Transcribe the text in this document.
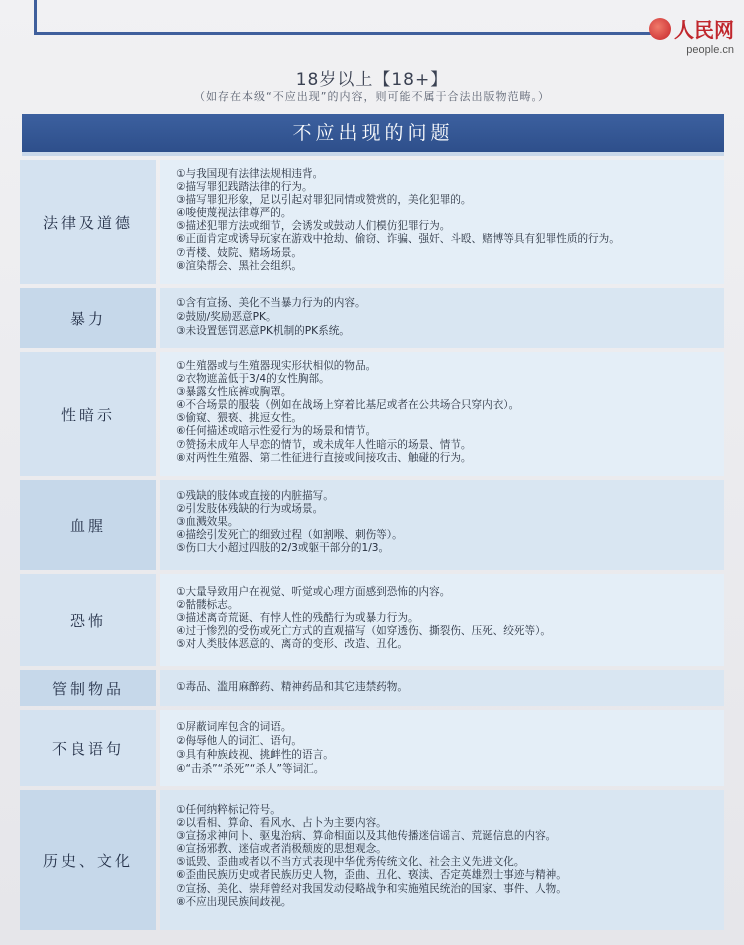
人民网
people.cn
18岁以上【18+】
（如存在本级“不应出现”的内容，则可能不属于合法出版物范畴。）
不应出现的问题
法律及道德
①与我国现有法律法规相违背。
②描写罪犯践踏法律的行为。
③描写罪犯形象，足以引起对罪犯同情或赞赏的，美化犯罪的。
④唆使蔑视法律尊严的。
⑤描述犯罪方法或细节，会诱发或鼓动人们模仿犯罪行为。
⑥正面肯定或诱导玩家在游戏中抢劫、偷窃、诈骗、强奸、斗殴、赌博等具有犯罪性质的行为。
⑦青楼、妓院、赌场场景。
⑧渲染帮会、黑社会组织。
暴力
①含有宣扬、美化不当暴力行为的内容。
②鼓励/奖励恶意PK。
③未设置惩罚恶意PK机制的PK系统。
性暗示
①生殖器或与生殖器现实形状相似的物品。
②衣物遮盖低于3/4的女性胸部。
③暴露女性底裤或胸罩。
④不合场景的服装（例如在战场上穿着比基尼或者在公共场合只穿内衣）。
⑤偷窥、猥亵、挑逗女性。
⑥任何描述或暗示性爱行为的场景和情节。
⑦赞扬未成年人早恋的情节，或未成年人性暗示的场景、情节。
⑧对两性生殖器、第二性征进行直接或间接攻击、触碰的行为。
血腥
①残缺的肢体或直接的内脏描写。
②引发肢体残缺的行为或场景。
③血溅效果。
④描绘引发死亡的细致过程（如割喉、刺伤等）。
⑤伤口大小超过四肢的2/3或躯干部分的1/3。
恐怖
①大量导致用户在视觉、听觉或心理方面感到恐怖的内容。
②骷髅标志。
③描述离奇荒诞、有悖人性的残酷行为或暴力行为。
④过于惨烈的受伤或死亡方式的直观描写（如穿透伤、撕裂伤、压死、绞死等）。
⑤对人类肢体恶意的、离奇的变形、改造、丑化。
管制物品	①毒品、滥用麻醉药、精神药品和其它违禁药物。
不良语句
①屏蔽词库包含的词语。
②侮辱他人的词汇、语句。
③具有种族歧视、挑衅性的语言。
④“击杀”“杀死”“杀人”等词汇。
历史、文化
①任何纳粹标记符号。
②以看相、算命、看风水、占卜为主要内容。
③宣扬求神问卜、驱鬼治病、算命相面以及其他传播迷信谣言、荒诞信息的内容。
④宣扬邪教、迷信或者消极颓废的思想观念。
⑤诋毁、歪曲或者以不当方式表现中华优秀传统文化、社会主义先进文化。
⑥歪曲民族历史或者民族历史人物，歪曲、丑化、亵渎、否定英雄烈士事迹与精神。
⑦宣扬、美化、崇拜曾经对我国发动侵略战争和实施殖民统治的国家、事件、人物。
⑧不应出现民族间歧视。
